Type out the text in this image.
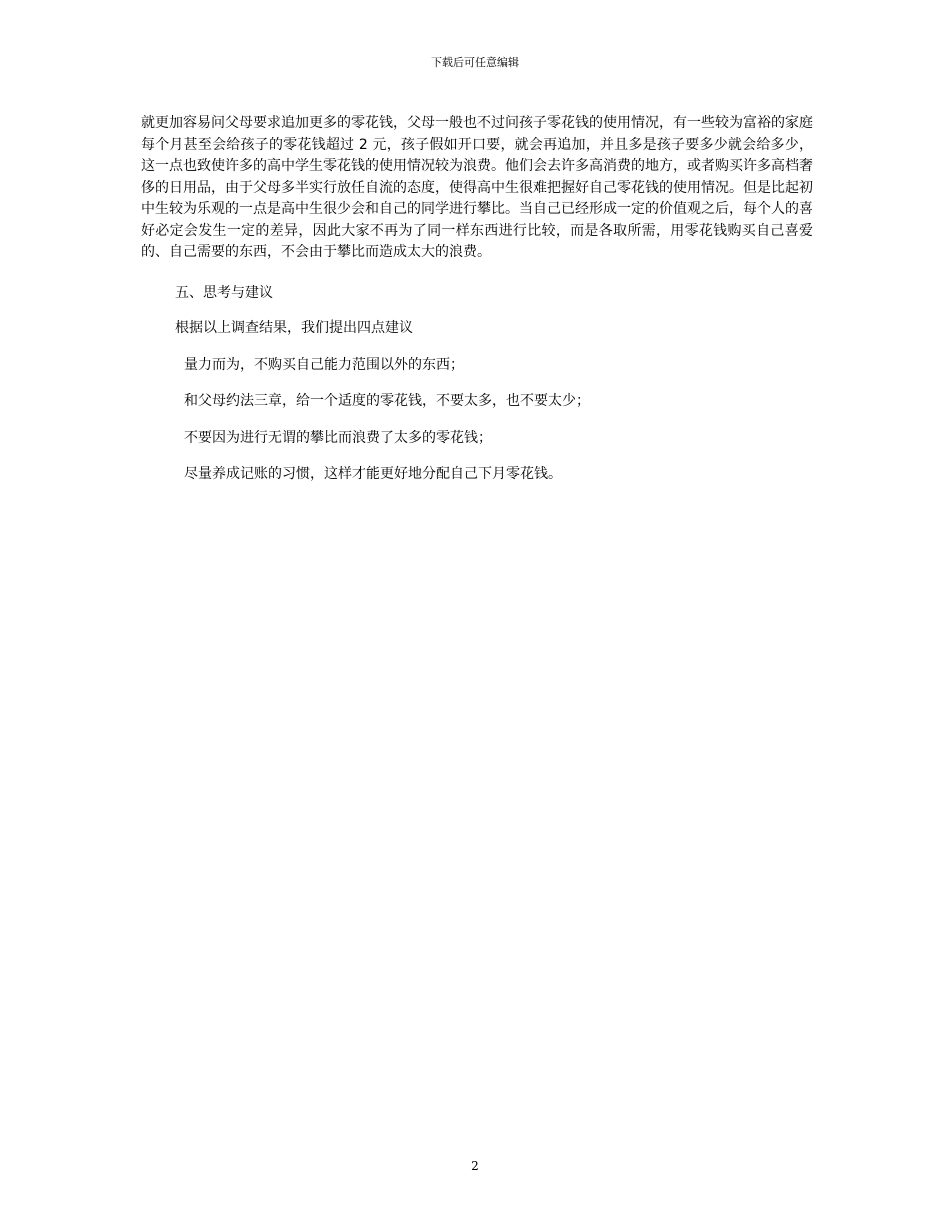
下载后可任意编辑

就更加容易问父母要求追加更多的零花钱，父母一般也不过问孩子零花钱的使用情况，有一些较为富裕的家庭每个月甚至会给孩子的零花钱超过 2 元，孩子假如开口要，就会再追加，并且多是孩子要多少就会给多少，这一点也致使许多的高中学生零花钱的使用情况较为浪费。他们会去许多高消费的地方，或者购买许多高档奢侈的日用品，由于父母多半实行放任自流的态度，使得高中生很难把握好自己零花钱的使用情况。但是比起初中生较为乐观的一点是高中生很少会和自己的同学进行攀比。当自己已经形成一定的价值观之后，每个人的喜好必定会发生一定的差异，因此大家不再为了同一样东西进行比较，而是各取所需，用零花钱购买自己喜爱的、自己需要的东西，不会由于攀比而造成太大的浪费。

五、思考与建议

根据以上调查结果，我们提出四点建议

量力而为，不购买自己能力范围以外的东西；
和父母约法三章，给一个适度的零花钱，不要太多，也不要太少；
不要因为进行无谓的攀比而浪费了太多的零花钱；
尽量养成记账的习惯，这样才能更好地分配自己下月零花钱。
2
